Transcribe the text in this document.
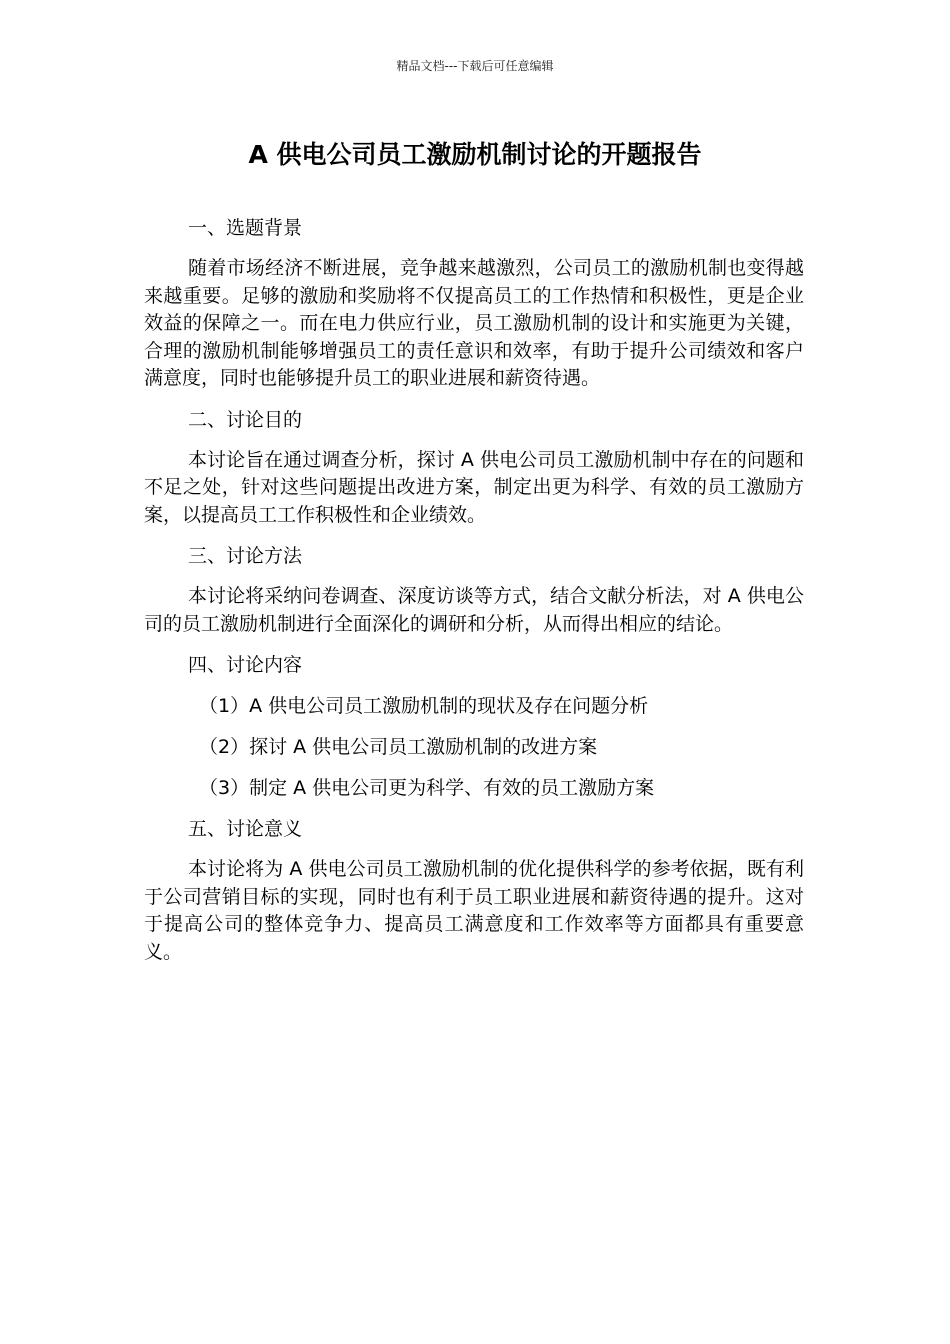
精品文档---下载后可任意编辑
A 供电公司员工激励机制讨论的开题报告
一、选题背景

随着市场经济不断进展，竞争越来越激烈，公司员工的激励机制也变得越来越重要。足够的激励和奖励将不仅提高员工的工作热情和积极性，更是企业效益的保障之一。而在电力供应行业，员工激励机制的设计和实施更为关键，合理的激励机制能够增强员工的责任意识和效率，有助于提升公司绩效和客户满意度，同时也能够提升员工的职业进展和薪资待遇。

二、讨论目的

本讨论旨在通过调查分析，探讨 A 供电公司员工激励机制中存在的问题和不足之处，针对这些问题提出改进方案，制定出更为科学、有效的员工激励方案，以提高员工工作积极性和企业绩效。

三、讨论方法

本讨论将采纳问卷调查、深度访谈等方式，结合文献分析法，对 A 供电公司的员工激励机制进行全面深化的调研和分析，从而得出相应的结论。

四、讨论内容
（1）A 供电公司员工激励机制的现状及存在问题分析
（2）探讨 A 供电公司员工激励机制的改进方案
（3）制定 A 供电公司更为科学、有效的员工激励方案
五、讨论意义

本讨论将为 A 供电公司员工激励机制的优化提供科学的参考依据，既有利于公司营销目标的实现，同时也有利于员工职业进展和薪资待遇的提升。这对于提高公司的整体竞争力、提高员工满意度和工作效率等方面都具有重要意义。
